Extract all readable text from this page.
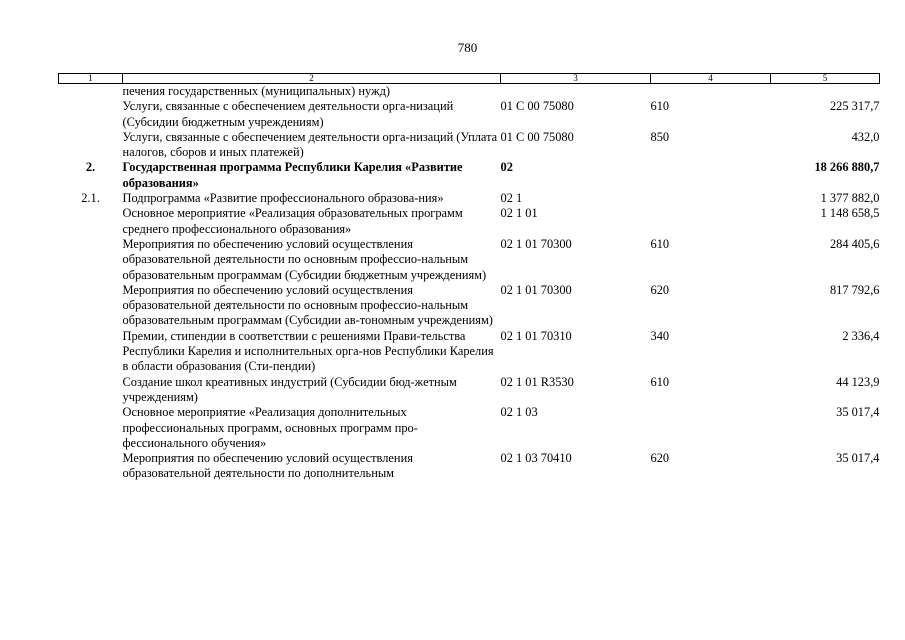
780
1	2	3	4	5
	печения государственных (муниципальных) нужд)			
	Услуги, связанные с обеспечением деятельности орга-низаций (Субсидии бюджетным учреждениям)	01 С 00 75080	610	225 317,7
	Услуги, связанные с обеспечением деятельности орга-низаций (Уплата налогов, сборов и иных платежей)	01 С 00 75080	850	432,0
2.	Государственная программа Республики Карелия «Развитие образования»	02		18 266 880,7
2.1.	Подпрограмма «Развитие профессионального образова-ния»	02 1		1 377 882,0
	Основное мероприятие «Реализация образовательных программ среднего профессионального образования»	02 1 01		1 148 658,5
	Мероприятия по обеспечению условий осуществления образовательной деятельности по основным профессио-нальным образовательным программам (Субсидии бюджетным учреждениям)	02 1 01 70300	610	284 405,6
	Мероприятия по обеспечению условий осуществления образовательной деятельности по основным профессио-нальным образовательным программам (Субсидии ав-тономным учреждениям)	02 1 01 70300	620	817 792,6
	Премии, стипендии в соответствии с решениями Прави-тельства Республики Карелия и исполнительных орга-нов Республики Карелия в области образования (Сти-пендии)	02 1 01 70310	340	2 336,4
	Создание школ креативных индустрий (Субсидии бюд-жетным учреждениям)	02 1 01 R3530	610	44 123,9
	Основное мероприятие «Реализация дополнительных профессиональных программ, основных программ про-фессионального обучения»	02 1 03		35 017,4
	Мероприятия по обеспечению условий осуществления образовательной деятельности по дополнительным	02 1 03 70410	620	35 017,4
